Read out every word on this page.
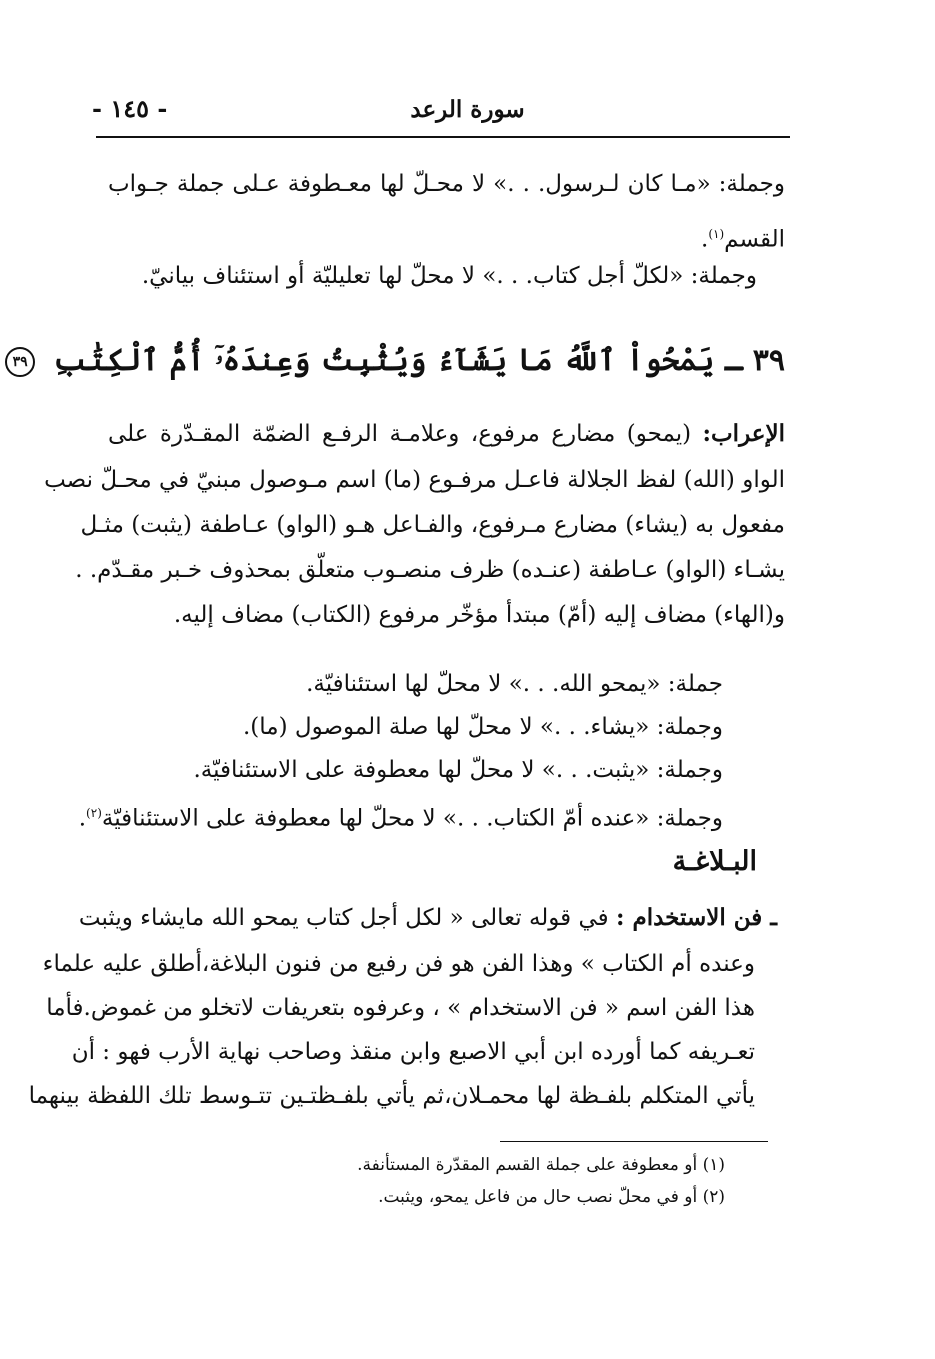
سورة الرعد
- ١٤٥ -
وجملة: «مـا كان لـرسول. . .» لا محـلّ لها معـطوفة عـلى جملة جـواب
القسم$^{(١)}$.
وجملة: «لكلّ أجل كتاب. . .» لا محلّ لها تعليليّة أو استئناف بيانيّ.
٣٩ ـ يَمْحُواْ ٱللَّهُ مَا يَشَآءُ وَيُثْبِتُ وَعِندَهُۥٓ أُمُّ ٱلْكِتَٰبِ ٣٩
الإعراب: (يمحو) مضارع مرفوع، وعلامـة الرفـع الضمّة المقـدّرة على
الواو (الله) لفظ الجلالة فاعـل مرفـوع (ما) اسم مـوصول مبنيّ في محـلّ نصب
مفعول به (يشاء) مضارع مـرفوع، والفـاعل هـو (الواو) عـاطفة (يثبت) مثـل
يشـاء (الواو) عـاطفة (عنـده) ظرف منصـوب متعلّق بمحذوف خـبر مقـدّم. .
و(الهاء) مضاف إليه (أمّ) مبتدأ مؤخّر مرفوع (الكتاب) مضاف إليه.
جملة: «يمحو الله. . .» لا محلّ لها استئنافيّة.
وجملة: «يشاء. . .» لا محلّ لها صلة الموصول (ما).
وجملة: «يثبت. . .» لا محلّ لها معطوفة على الاستئنافيّة.
وجملة: «عنده أمّ الكتاب. . .» لا محلّ لها معطوفة على الاستئنافيّة$^{(٢)}$.
البـلاغـة
ـ فن الاستخدام : في قوله تعالى « لكل أجل كتاب يمحو الله مايشاء ويثبت
وعنده أم الكتاب » وهذا الفن هو فن رفيع من فنون البلاغة،أطلق عليه علماء
هذا الفن اسم « فن الاستخدام » ، وعرفوه بتعريفات لاتخلو من غموض.فأما
تعـريفه كما أورده ابن أبي الاصبع وابن منقذ وصاحب نهاية الأرب فهو : أن
يأتي المتكلم بلفـظة لها محمـلان،ثم يأتي بلفـظتـين تتـوسط تلك اللفظة بينهما
(١) أو معطوفة على جملة القسم المقدّرة المستأنفة.
(٢) أو في محلّ نصب حال من فاعل يمحو، ويثبت.
